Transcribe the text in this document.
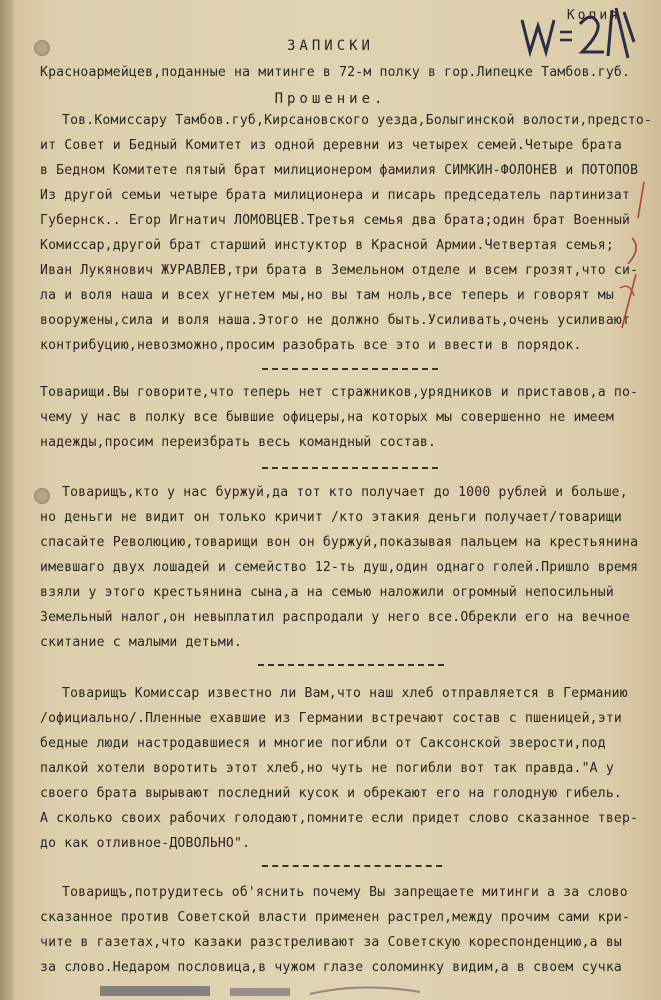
Копия
ЗАПИСКИ
Красноармейцев,поданные на митинге в 72-м полку в гор.Липецке Тамбов.губ.
Прошение.
Тов.Комиссару Тамбов.губ,Кирсановского уезда,Болыгинской волости,предсто-
ит Совет и Бедный Комитет из одной деревни из четырех семей.Четыре брата
в Бедном Комитете пятый брат милиционером фамилия СИМКИН-ФОЛОНЕВ и ПОТОПОВ
Из другой семьи четыре брата милиционера и писарь председатель партинизат
Губернск.. Егор Игнатич ЛОМОВЦЕВ.Третья семья два брата;один брат Военный
Комиссар,другой брат старший инстуктор в Красной Армии.Четвертая семья;
Иван Лукянович ЖУРАВЛЕВ,три брата в Земельном отделе и всем грозят,что си-
ла и воля наша и всех угнетем мы,но вы там ноль,все теперь и говорят мы
вооружены,сила и воля наша.Этого не должно быть.Усиливать,очень усиливают
контрибуцию,невозможно,просим разобрать все это и ввести в порядок.
Товарищи.Вы говорите,что теперь нет стражников,урядников и приставов,а по-
чему у нас в полку все бывшие офицеры,на которых мы совершенно не имеем
надежды,просим переизбрать весь командный состав.
Товарищъ,кто у нас буржуй,да тот кто получает до 1000 рублей и больше,
но деньги не видит он только кричит /кто этакия деньги получает/товарищи
спасайте Революцию,товарищи вон он буржуй,показывая пальцем на крестьянина
имевшаго двух лошадей и семейство 12-ть душ,один однаго голей.Пришло время
взяли у этого крестьянина сына,а на семью наложили огромный непосильный
Земельный налог,он невыплатил распродали у него все.Обрекли его на вечное
скитание с малыми детьми.
Товарищъ Комиссар известно ли Вам,что наш хлеб отправляется в Германию
/официально/.Пленные ехавшие из Германии встречают состав с пшеницей,эти
бедные люди настродавшиеся и многие погибли от Саксонской зверости,под
палкой хотели воротить этот хлеб,но чуть не погибли вот так правда."А у
своего брата вырывают последний кусок и обрекают его на голодную гибель.
А сколько своих рабочих голодают,помните если придет слово сказанное твер-
до как отливное-ДОВОЛЬНО".
Товарищъ,потрудитесь об'яснить почему Вы запрещаете митинги а за слово
сказанное против Советской власти применен растрел,между прочим сами кри-
чите в газетах,что казаки разстреливают за Советскую кореспонденцию,а вы
за слово.Недаром пословица,в чужом глазе соломинку видим,а в своем сучка
